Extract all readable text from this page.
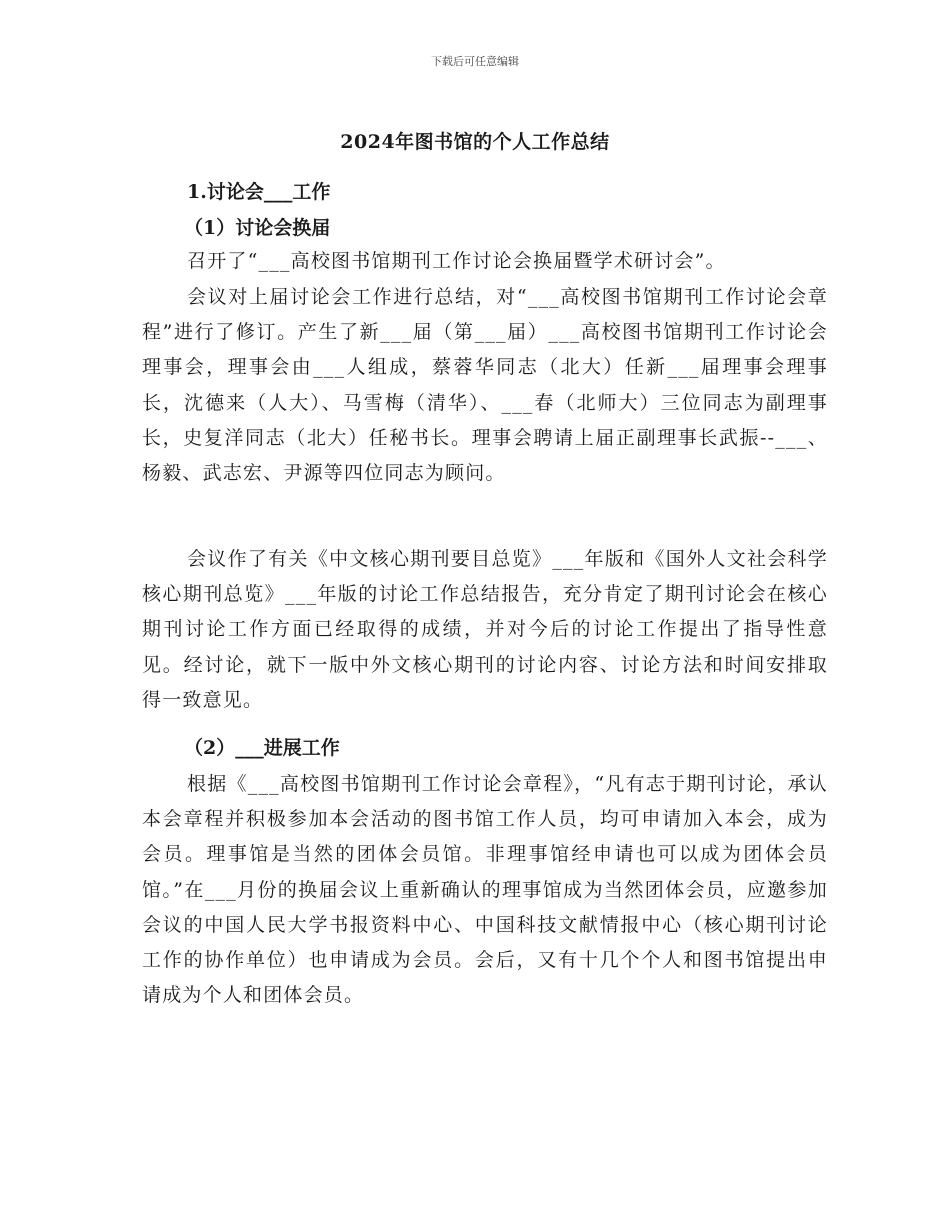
下载后可任意编辑
2024年图书馆的个人工作总结
1.讨论会___工作
（1）讨论会换届
召开了“___高校图书馆期刊工作讨论会换届暨学术研讨会”。
会议对上届讨论会工作进行总结，对“___高校图书馆期刊工作讨论会章程”进行了修订。产生了新___届（第___届）___高校图书馆期刊工作讨论会理事会，理事会由___人组成，蔡蓉华同志（北大）任新___届理事会理事长，沈德来（人大）、马雪梅（清华）、___春（北师大）三位同志为副理事长，史复洋同志（北大）任秘书长。理事会聘请上届正副理事长武振--___、杨毅、武志宏、尹源等四位同志为顾问。
会议作了有关《中文核心期刊要目总览》___年版和《国外人文社会科学核心期刊总览》___年版的讨论工作总结报告，充分肯定了期刊讨论会在核心期刊讨论工作方面已经取得的成绩，并对今后的讨论工作提出了指导性意见。经讨论，就下一版中外文核心期刊的讨论内容、讨论方法和时间安排取得一致意见。
（2）___进展工作
根据《___高校图书馆期刊工作讨论会章程》，“凡有志于期刊讨论，承认本会章程并积极参加本会活动的图书馆工作人员，均可申请加入本会，成为会员。理事馆是当然的团体会员馆。非理事馆经申请也可以成为团体会员馆。”在___月份的换届会议上重新确认的理事馆成为当然团体会员，应邀参加会议的中国人民大学书报资料中心、中国科技文献情报中心（核心期刊讨论工作的协作单位）也申请成为会员。会后，又有十几个个人和图书馆提出申请成为个人和团体会员。
